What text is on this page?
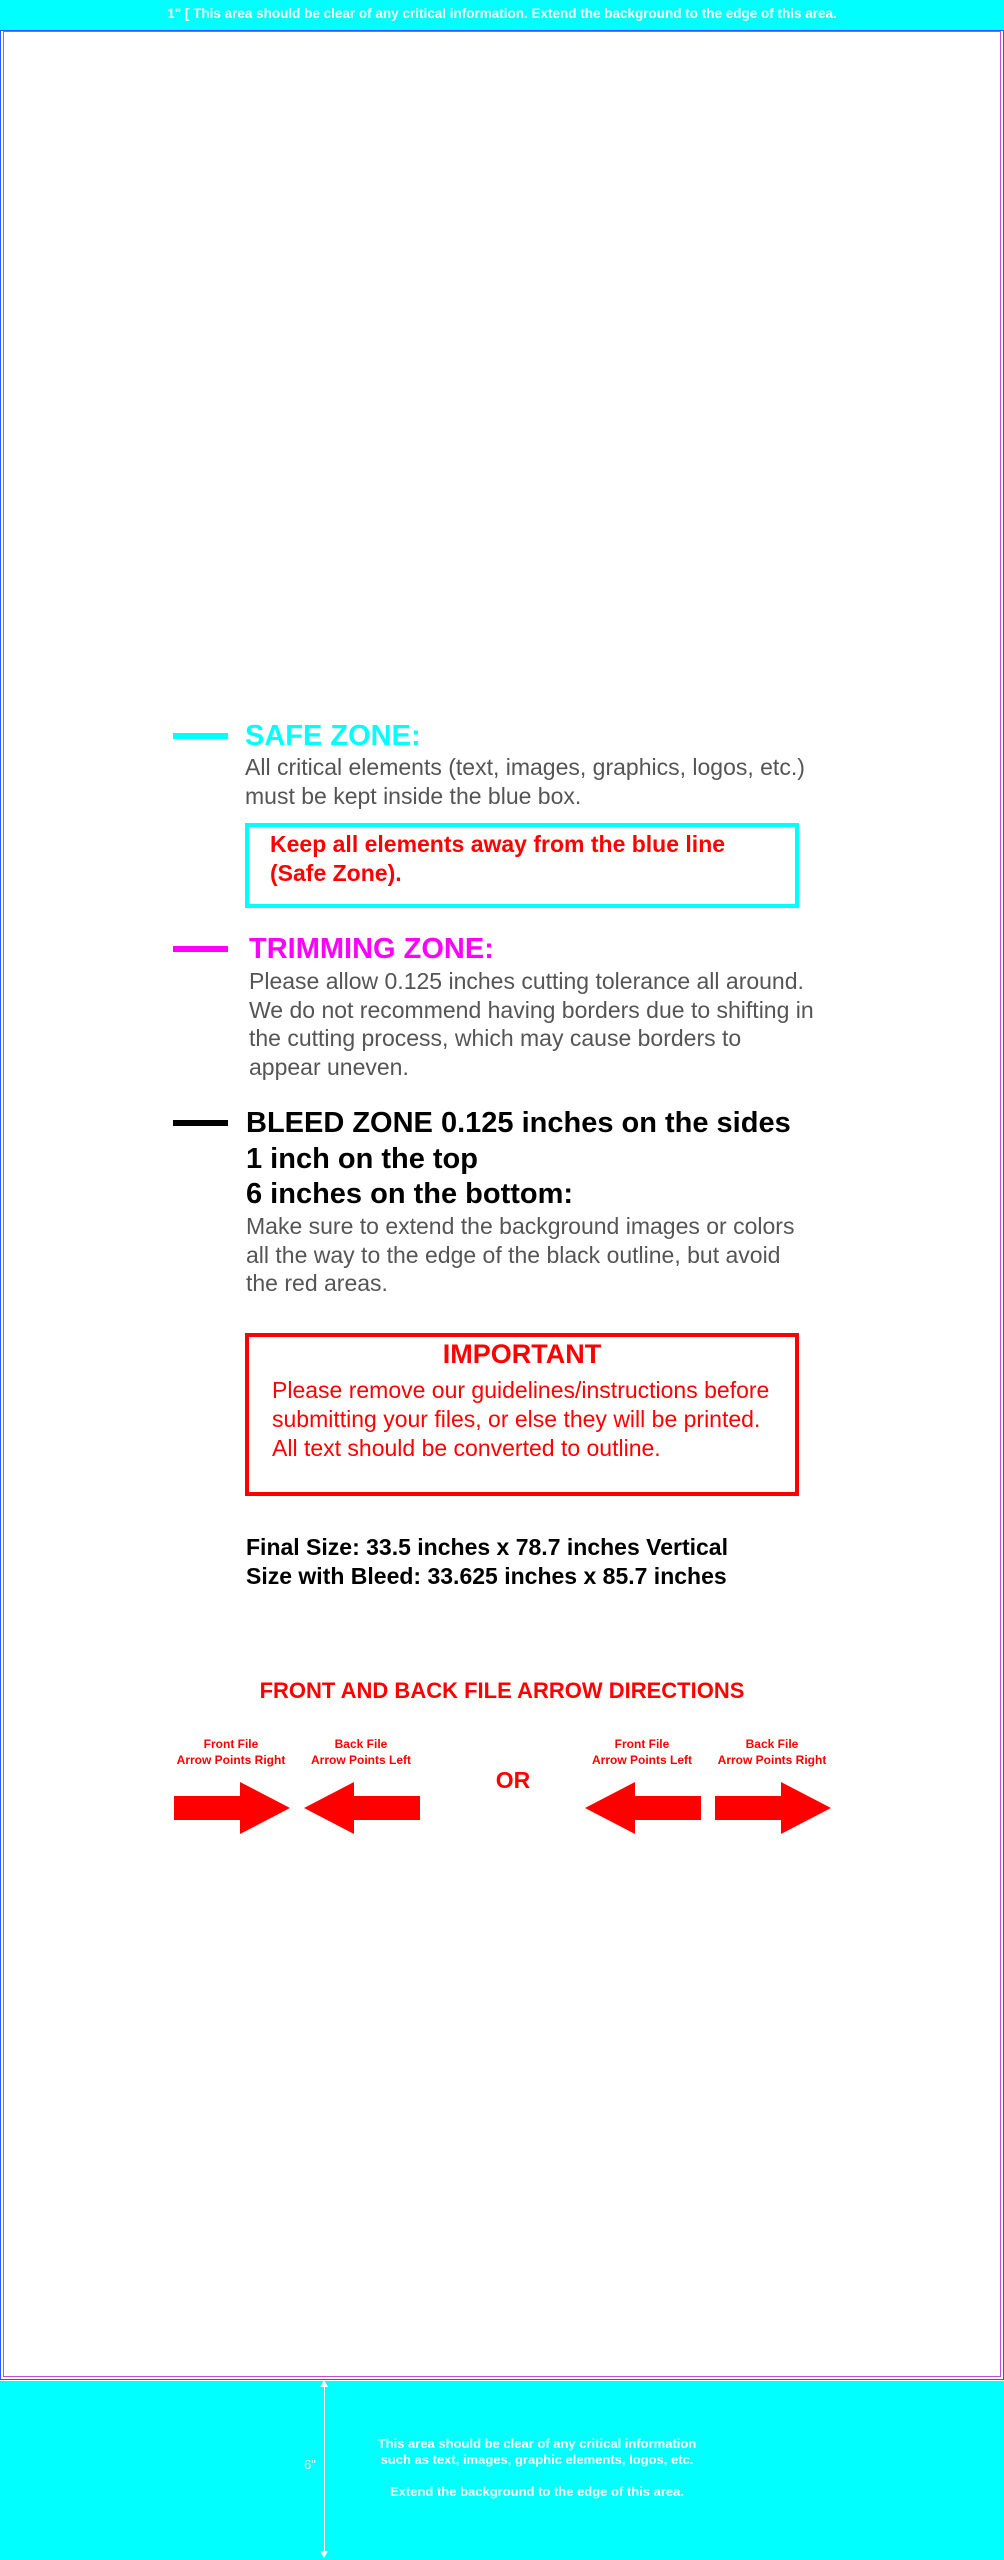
1" [ This area should be clear of any critical information. Extend the background to the edge of this area.
SAFE ZONE:
All critical elements (text, images, graphics, logos, etc.)
must be kept inside the blue box.
Keep all elements away from the blue line
(Safe Zone).
TRIMMING ZONE:
Please allow 0.125 inches cutting tolerance all around.
We do not recommend having borders due to shifting in
the cutting process, which may cause borders to
appear uneven.
BLEED ZONE 0.125 inches on the sides
1 inch on the top
6 inches on the bottom:
Make sure to extend the background images or colors
all the way to the edge of the black outline, but avoid
the red areas.
IMPORTANT
Please remove our guidelines/instructions before
submitting your files, or else they will be printed.
All text should be converted to outline.
Final Size: 33.5 inches x 78.7 inches Vertical
Size with Bleed: 33.625 inches x 85.7 inches
FRONT AND BACK FILE ARROW DIRECTIONS
Front File
Arrow Points Right
Back File
Arrow Points Left
OR
Front File
Arrow Points Left
Back File
Arrow Points Right
6"
This area should be clear of any critical information
such as text, images, graphic elements, logos, etc.
Extend the background to the edge of this area.
